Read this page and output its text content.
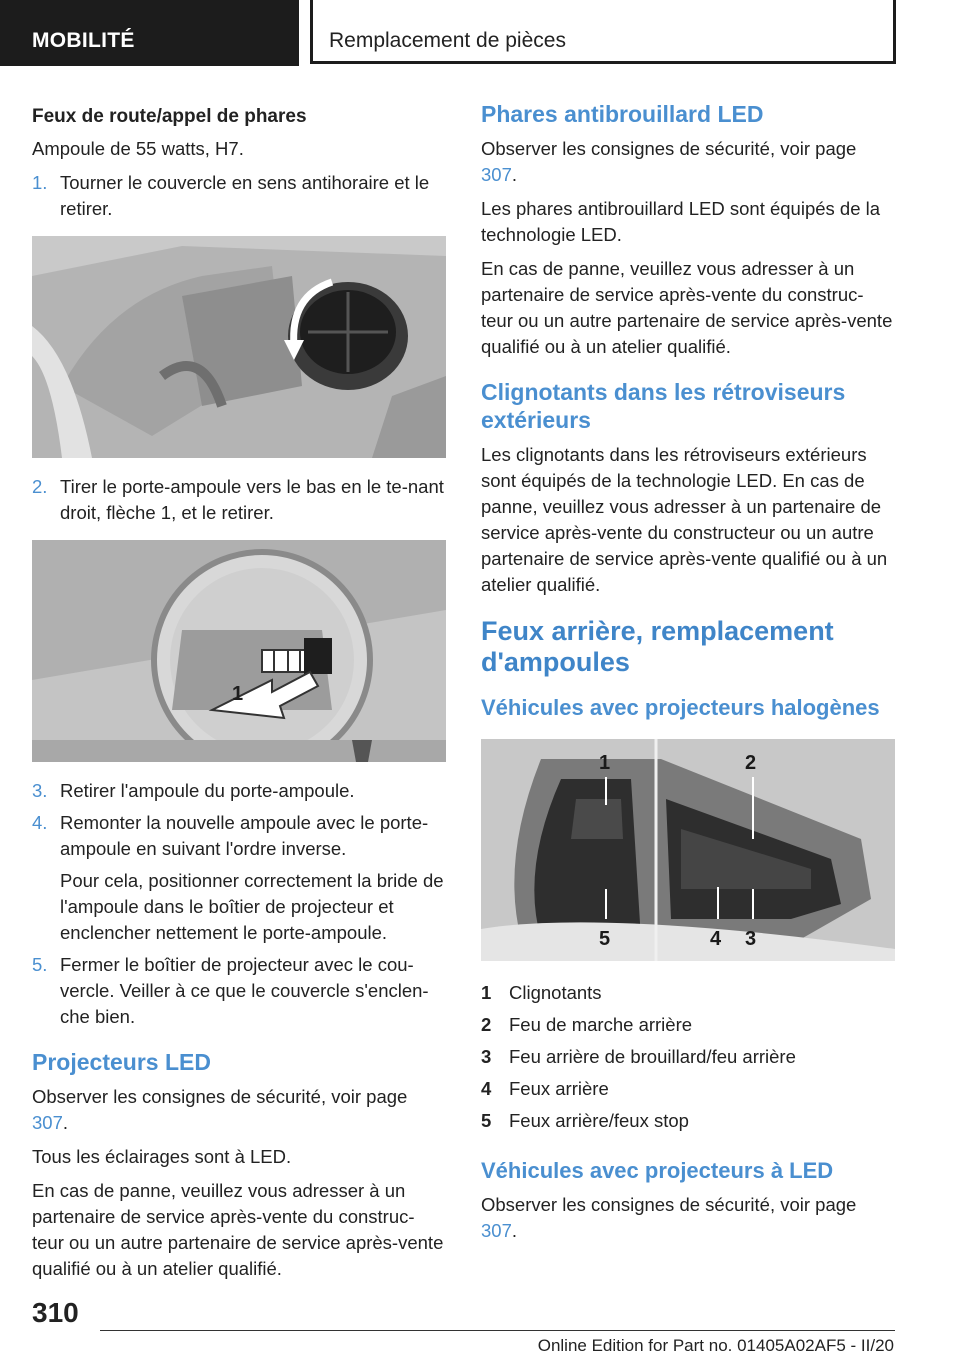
MOBILITÉ	Remplacement de pièces
Feux de route/appel de phares

Ampoule de 55 watts, H7.

1. Tourner le couvercle en sens antihoraire et le retirer.
2. Tirer le porte-ampoule vers le bas en le te-nant droit, flèche 1, et le retirer.
1
3. Retirer l'ampoule du porte-ampoule.
4. Remonter la nouvelle ampoule avec le porte-ampoule en suivant l'ordre inverse.
Pour cela, positionner correctement la bride de l'ampoule dans le boîtier de projecteur et enclencher nettement le porte-ampoule.
5. Fermer le boîtier de projecteur avec le cou-vercle. Veiller à ce que le couvercle s'enclen-che bien.
Projecteurs LED

Observer les consignes de sécurité, voir page 307.

Tous les éclairages sont à LED.

En cas de panne, veuillez vous adresser à un partenaire de service après-vente du construc-teur ou un autre partenaire de service après-vente qualifié ou à un atelier qualifié.

Phares antibrouillard LED

Observer les consignes de sécurité, voir page 307.

Les phares antibrouillard LED sont équipés de la technologie LED.

En cas de panne, veuillez vous adresser à un partenaire de service après-vente du construc-teur ou un autre partenaire de service après-vente qualifié ou à un atelier qualifié.

Clignotants dans les rétroviseurs extérieurs

Les clignotants dans les rétroviseurs extérieurs sont équipés de la technologie LED. En cas de panne, veuillez vous adresser à un partenaire de service après-vente du constructeur ou un autre partenaire de service après-vente qualifié ou à un atelier qualifié.

Feux arrière, remplacement d'ampoules
Véhicules avec projecteurs halogènes
1	2
3
4
5
1 Clignotants
2 Feu de marche arrière
3 Feu arrière de brouillard/feu arrière
4 Feux arrière
5 Feux arrière/feux stop
Véhicules avec projecteurs à LED

Observer les consignes de sécurité, voir page 307.

310
Online Edition for Part no. 01405A02AF5 - II/20
